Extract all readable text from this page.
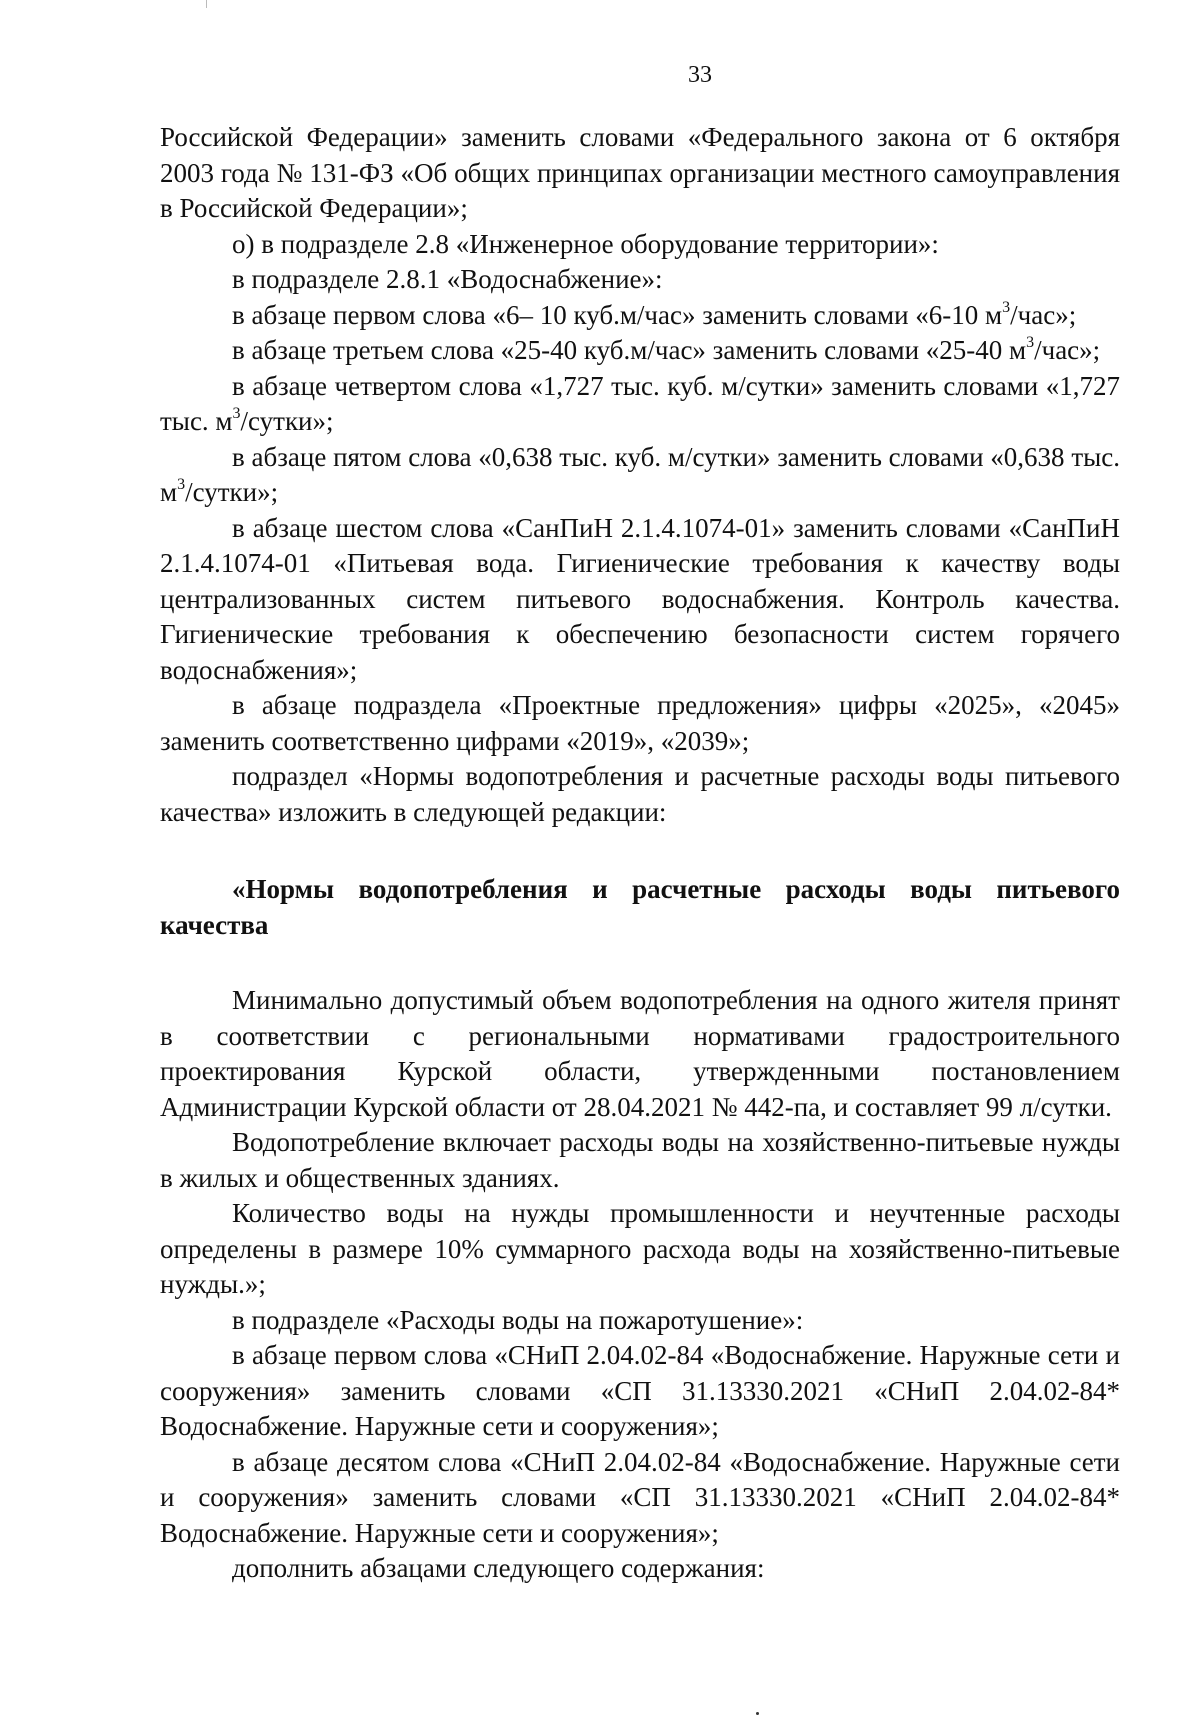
33

Российской Федерации» заменить словами «Федерального закона от 6 октября 2003 года № 131-ФЗ «Об общих принципах организации местного самоуправления в Российской Федерации»;

о) в подразделе 2.8 «Инженерное оборудование территории»:

в подразделе 2.8.1 «Водоснабжение»:

в абзаце первом слова «6– 10 куб.м/час» заменить словами «6-10 $м^3$/час»;

в абзаце третьем слова «25-40 куб.м/час» заменить словами «25-40 $м^3$/час»;

в абзаце четвертом слова «1,727 тыс. куб. м/сутки» заменить словами «1,727 тыс. $м^3$/сутки»;

в абзаце пятом слова «0,638 тыс. куб. м/сутки» заменить словами «0,638 тыс. $м^3$/сутки»;

в абзаце шестом слова «СанПиН 2.1.4.1074-01» заменить словами «СанПиН 2.1.4.1074-01 «Питьевая вода. Гигиенические требования к качеству воды централизованных систем питьевого водоснабжения. Контроль качества. Гигиенические требования к обеспечению безопасности систем горячего водоснабжения»;

в абзаце подраздела «Проектные предложения» цифры «2025», «2045» заменить соответственно цифрами «2019», «2039»;

подраздел «Нормы водопотребления и расчетные расходы воды питьевого качества» изложить в следующей редакции:

«Нормы водопотребления и расчетные расходы воды питьевого качества

Минимально допустимый объем водопотребления на одного жителя принят в соответствии с региональными нормативами градостроительного проектирования Курской области, утвержденными постановлением Администрации Курской области от 28.04.2021 № 442-па, и составляет 99 л/сутки.

Водопотребление включает расходы воды на хозяйственно-питьевые нужды в жилых и общественных зданиях.

Количество воды на нужды промышленности и неучтенные расходы определены в размере 10% суммарного расхода воды на хозяйственно-питьевые нужды.»;

в подразделе «Расходы воды на пожаротушение»:

в абзаце первом слова «СНиП 2.04.02-84 «Водоснабжение. Наружные сети и сооружения» заменить словами «СП 31.13330.2021 «СНиП 2.04.02-84* Водоснабжение. Наружные сети и сооружения»;

в абзаце десятом слова «СНиП 2.04.02-84 «Водоснабжение. Наружные сети и сооружения» заменить словами «СП 31.13330.2021 «СНиП 2.04.02-84* Водоснабжение. Наружные сети и сооружения»;

дополнить абзацами следующего содержания:
